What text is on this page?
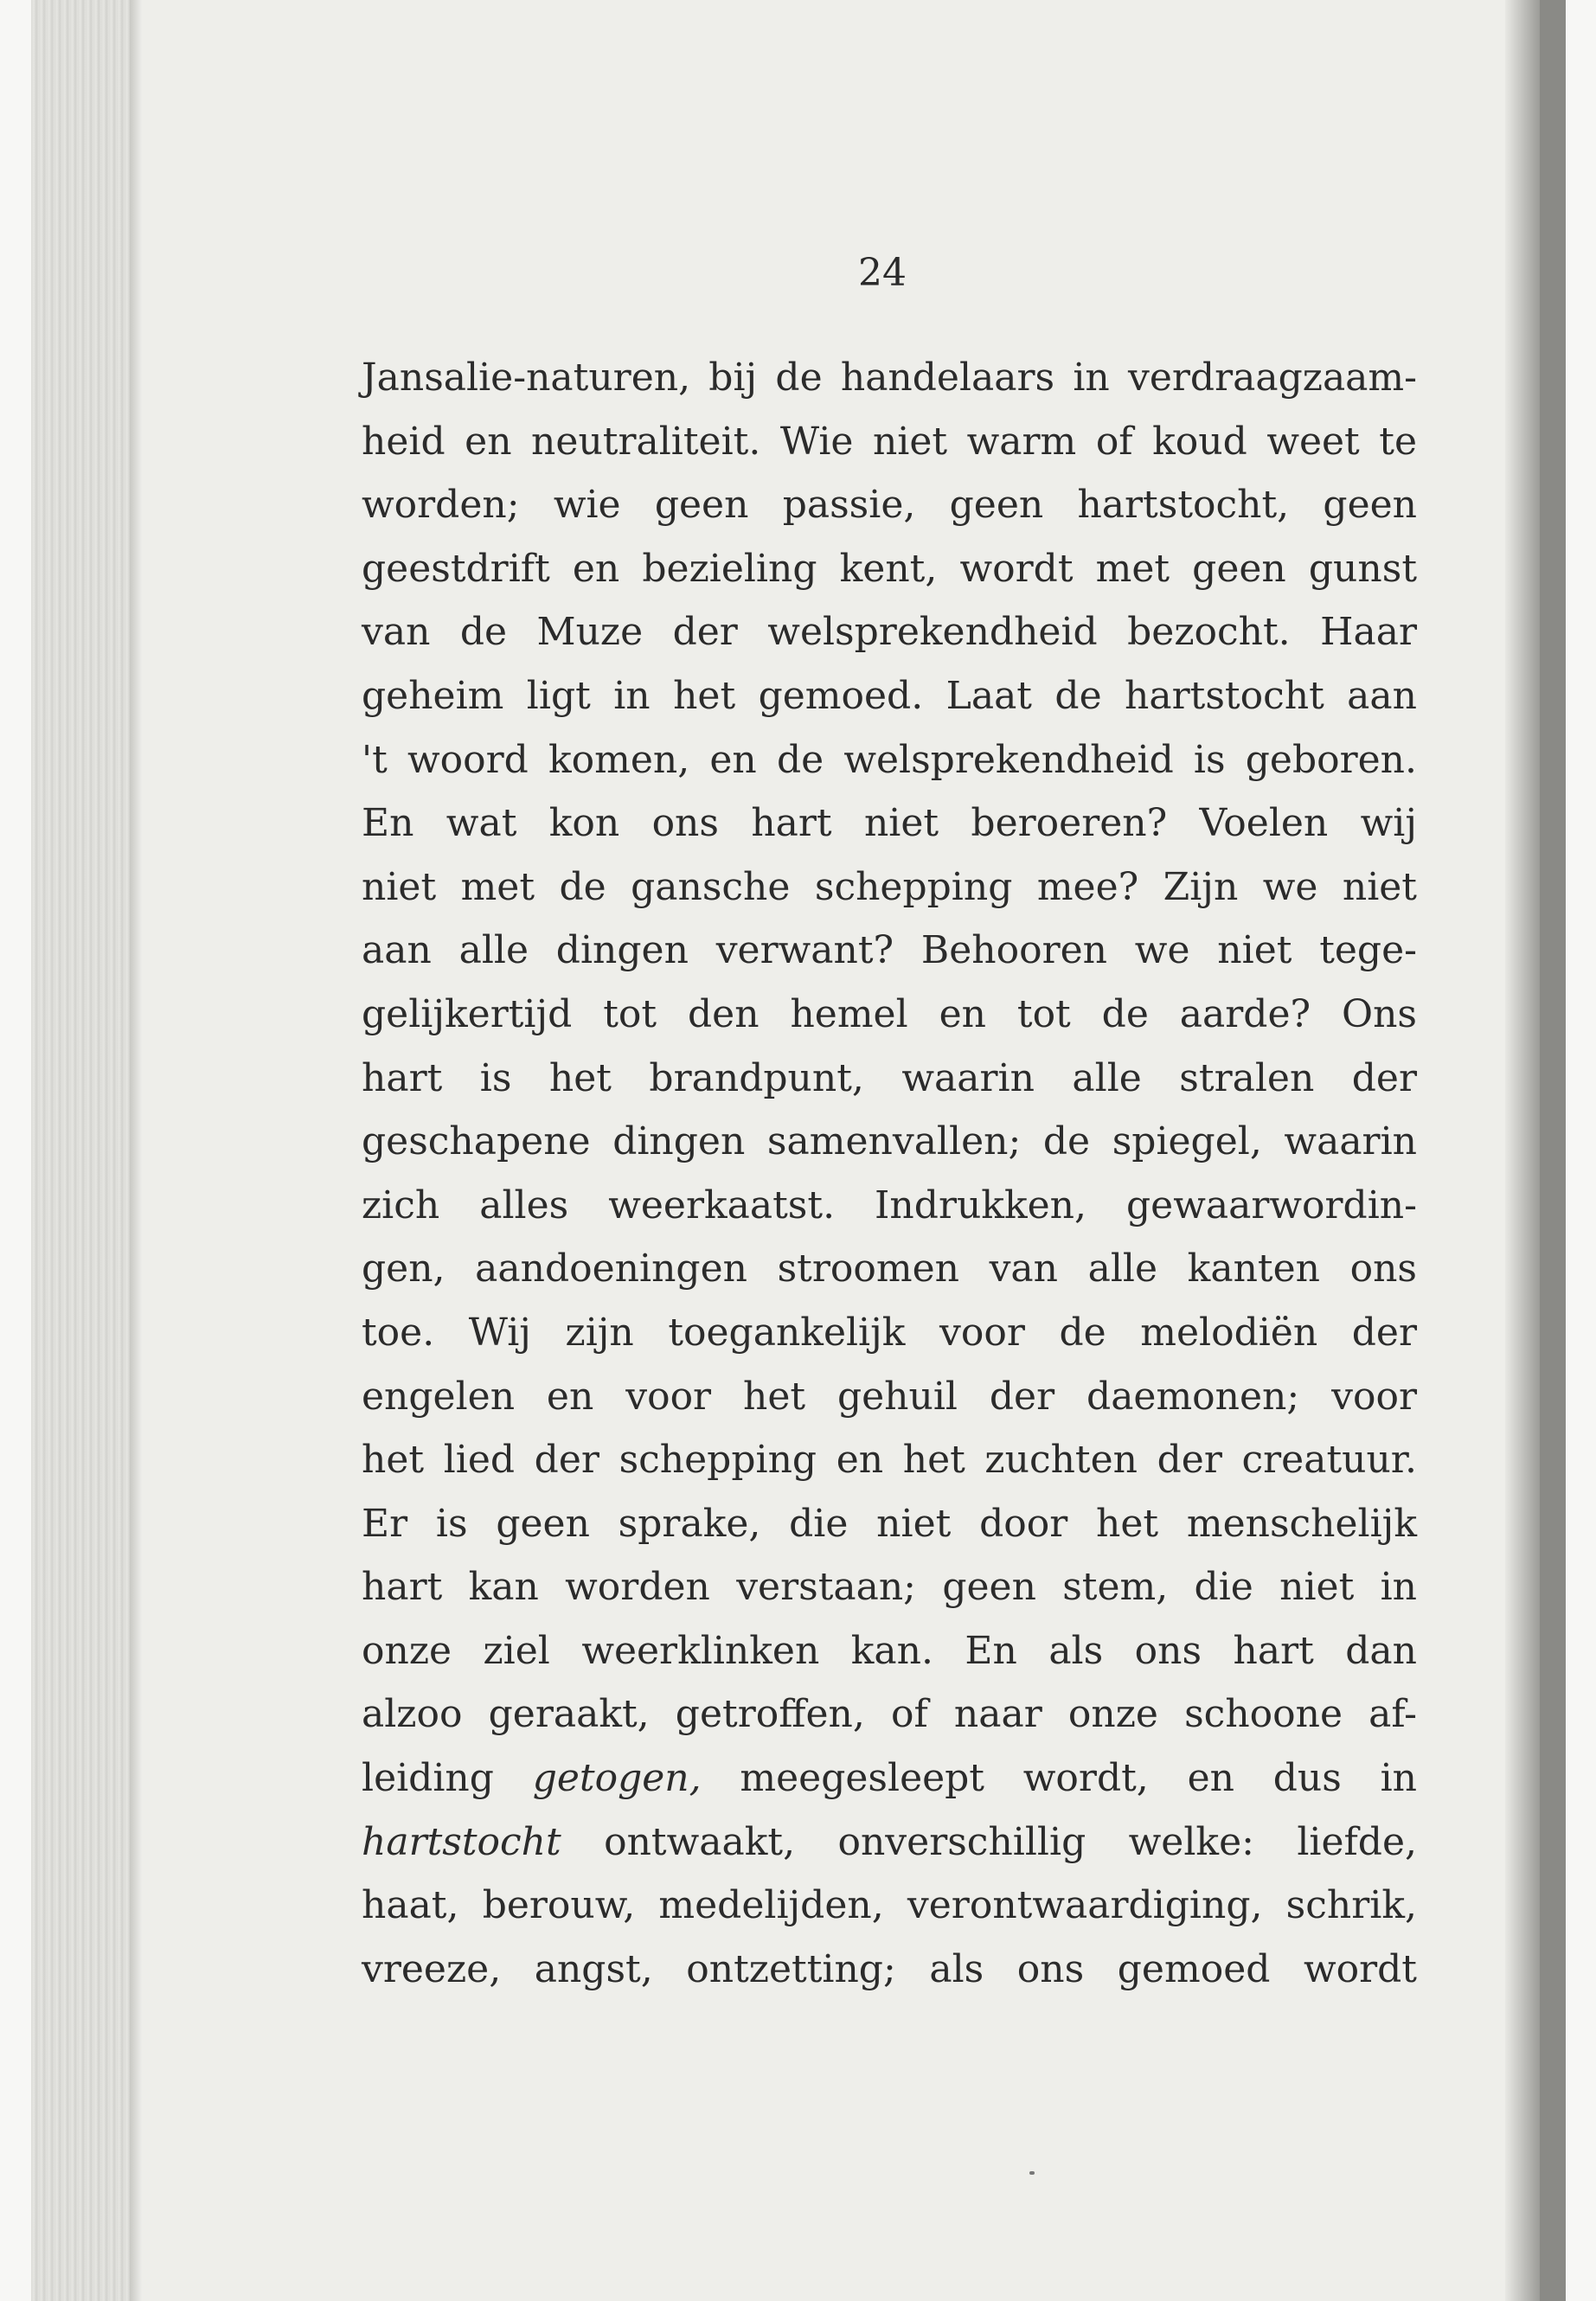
24
Jansalie-naturen, bij de handelaars in verdraagzaam-
heid en neutraliteit. Wie niet warm of koud weet te
worden; wie geen passie, geen hartstocht, geen
geestdrift en bezieling kent, wordt met geen gunst
van de Muze der welsprekendheid bezocht. Haar
geheim ligt in het gemoed. Laat de hartstocht aan
't woord komen, en de welsprekendheid is geboren.
En wat kon ons hart niet beroeren? Voelen wij
niet met de gansche schepping mee? Zijn we niet
aan alle dingen verwant? Behooren we niet tege-
gelijkertijd tot den hemel en tot de aarde? Ons
hart is het brandpunt, waarin alle stralen der
geschapene dingen samenvallen; de spiegel, waarin
zich alles weerkaatst. Indrukken, gewaarwordin-
gen, aandoeningen stroomen van alle kanten ons
toe. Wij zijn toegankelijk voor de melodiën der
engelen en voor het gehuil der daemonen; voor
het lied der schepping en het zuchten der creatuur.
Er is geen sprake, die niet door het menschelijk
hart kan worden verstaan; geen stem, die niet in
onze ziel weerklinken kan. En als ons hart dan
alzoo geraakt, getroffen, of naar onze schoone af-
leiding getogen, meegesleept wordt, en dus in
hartstocht ontwaakt, onverschillig welke: liefde,
haat, berouw, medelijden, verontwaardiging, schrik,
vreeze, angst, ontzetting; als ons gemoed wordt
